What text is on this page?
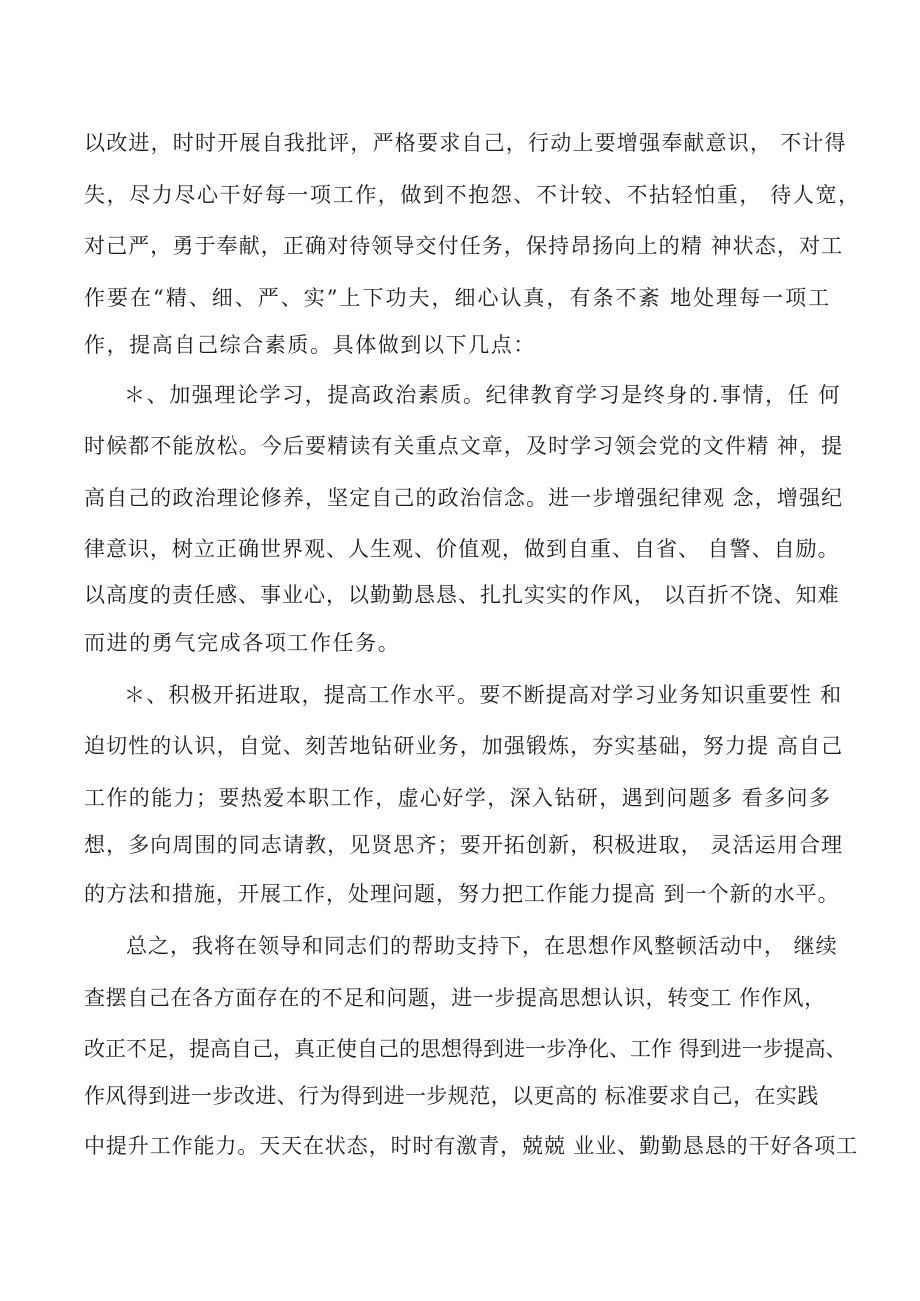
以改进，时时开展自我批评，严格要求自己，行动上要增强奉献意识， 不计得
失，尽力尽心干好每一项工作，做到不抱怨、不计较、不拈轻怕重， 待人宽，
对己严，勇于奉献，正确对待领导交付任务，保持昂扬向上的精 神状态，对工
作要在“精、细、严、实”上下功夫，细心认真，有条不紊 地处理每一项工
作，提高自己综合素质。具体做到以下几点：
＊、加强理论学习，提高政治素质。纪律教育学习是终身的.事情，任 何
时候都不能放松。今后要精读有关重点文章，及时学习领会党的文件精 神，提
高自己的政治理论修养，坚定自己的政治信念。进一步增强纪律观 念，增强纪
律意识，树立正确世界观、人生观、价值观，做到自重、自省、 自警、自励。
以高度的责任感、事业心，以勤勤恳恳、扎扎实实的作风， 以百折不饶、知难
而进的勇气完成各项工作任务。
＊、积极开拓进取，提高工作水平。要不断提高对学习业务知识重要性 和
迫切性的认识，自觉、刻苦地钻研业务，加强锻炼，夯实基础，努力提 高自己
工作的能力；要热爱本职工作，虚心好学，深入钻研，遇到问题多 看多问多
想，多向周围的同志请教，见贤思齐；要开拓创新，积极进取， 灵活运用合理
的方法和措施，开展工作，处理问题，努力把工作能力提高 到一个新的水平。
总之，我将在领导和同志们的帮助支持下，在思想作风整顿活动中， 继续
查摆自己在各方面存在的不足和问题，进一步提高思想认识，转变工 作作风，
改正不足，提高自己，真正使自己的思想得到进一步净化、工作 得到进一步提高、
作风得到进一步改进、行为得到进一步规范，以更高的 标准要求自己，在实践
中提升工作能力。天天在状态，时时有激青，兢兢 业业、勤勤恳恳的干好各项工
